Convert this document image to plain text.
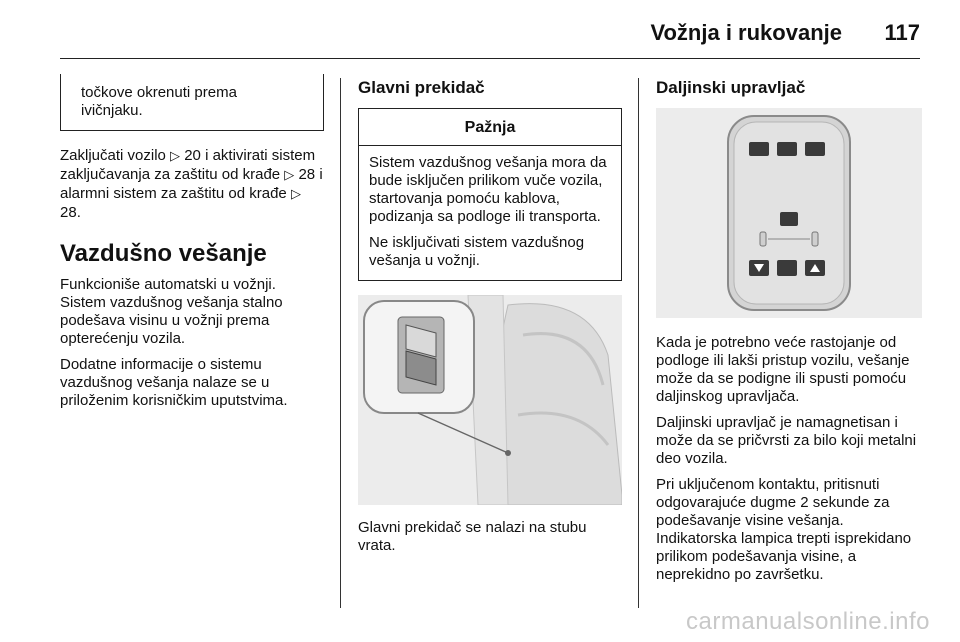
Vožnja i rukovanje 117

točkove okrenuti prema
ivičnjaku.

Zaključati vozilo ▷ 20 i aktivirati sistem zaključavanja za zaštitu od krađe ▷ 28 i alarmni sistem za zaštitu od krađe ▷ 28.

Vazdušno vešanje

Funkcioniše automatski u vožnji. Sistem vazdušnog vešanja stalno podešava visinu u vožnji prema opterećenju vozila.

Dodatne informacije o sistemu vazdušnog vešanja nalaze se u priloženim korisničkim uputstvima.

Glavni prekidač
Pažnja

Sistem vazdušnog vešanja mora da bude isključen prilikom vuče vozila, startovanja pomoću kablova, podizanja sa podloge ili transporta.

Ne isključivati sistem vazdušnog vešanja u vožnji.

Glavni prekidač se nalazi na stubu vrata.

Daljinski upravljač

Kada je potrebno veće rastojanje od podloge ili lakši pristup vozilu, vešanje može da se podigne ili spusti pomoću daljinskog upravljača.

Daljinski upravljač je namagnetisan i može da se pričvrsti za bilo koji metalni deo vozila.

Pri uključenom kontaktu, pritisnuti odgovarajuće dugme 2 sekunde za podešavanje visine vešanja. Indikatorska lampica trepti isprekidano prilikom podešavanja visine, a neprekidno po završetku.

carmanualsonline.info
